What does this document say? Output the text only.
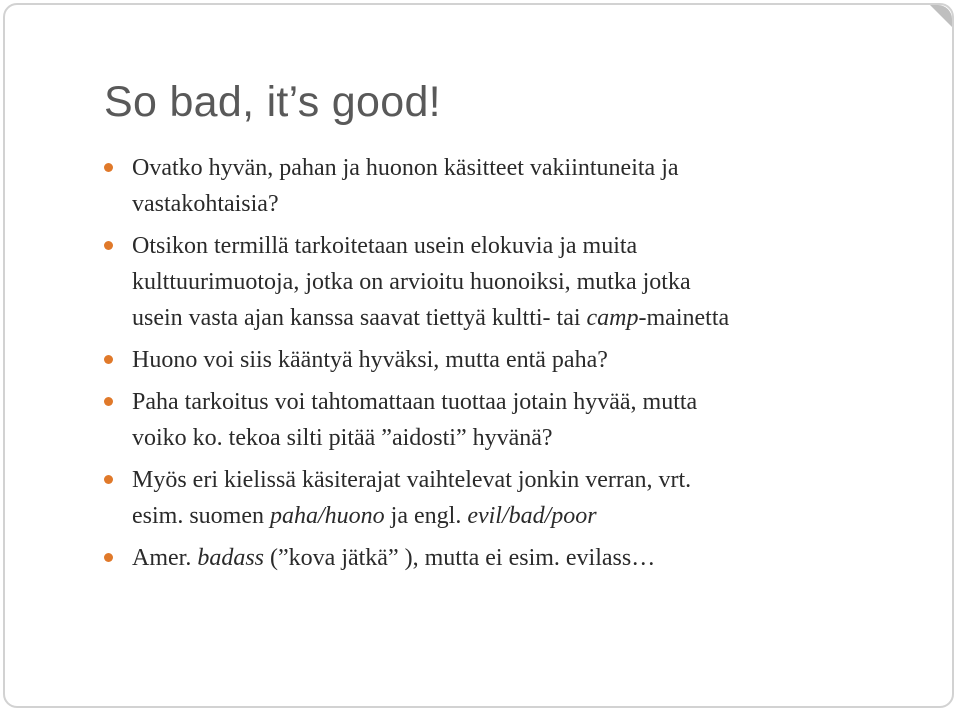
So bad, it’s good!
Ovatko hyvän, pahan ja huonon käsitteet vakiintuneita ja
vastakohtaisia?
Otsikon termillä tarkoitetaan usein elokuvia ja muita
kulttuurimuotoja, jotka on arvioitu huonoiksi, mutka jotka
usein vasta ajan kanssa saavat tiettyä kultti- tai camp-mainetta
Huono voi siis kääntyä hyväksi, mutta entä paha?
Paha tarkoitus voi tahtomattaan tuottaa jotain hyvää, mutta
voiko ko. tekoa silti pitää ”aidosti” hyvänä?
Myös eri kielissä käsiterajat vaihtelevat jonkin verran, vrt.
esim. suomen paha/huono ja engl. evil/bad/poor
Amer. badass (”kova jätkä” ), mutta ei esim. evilass…
